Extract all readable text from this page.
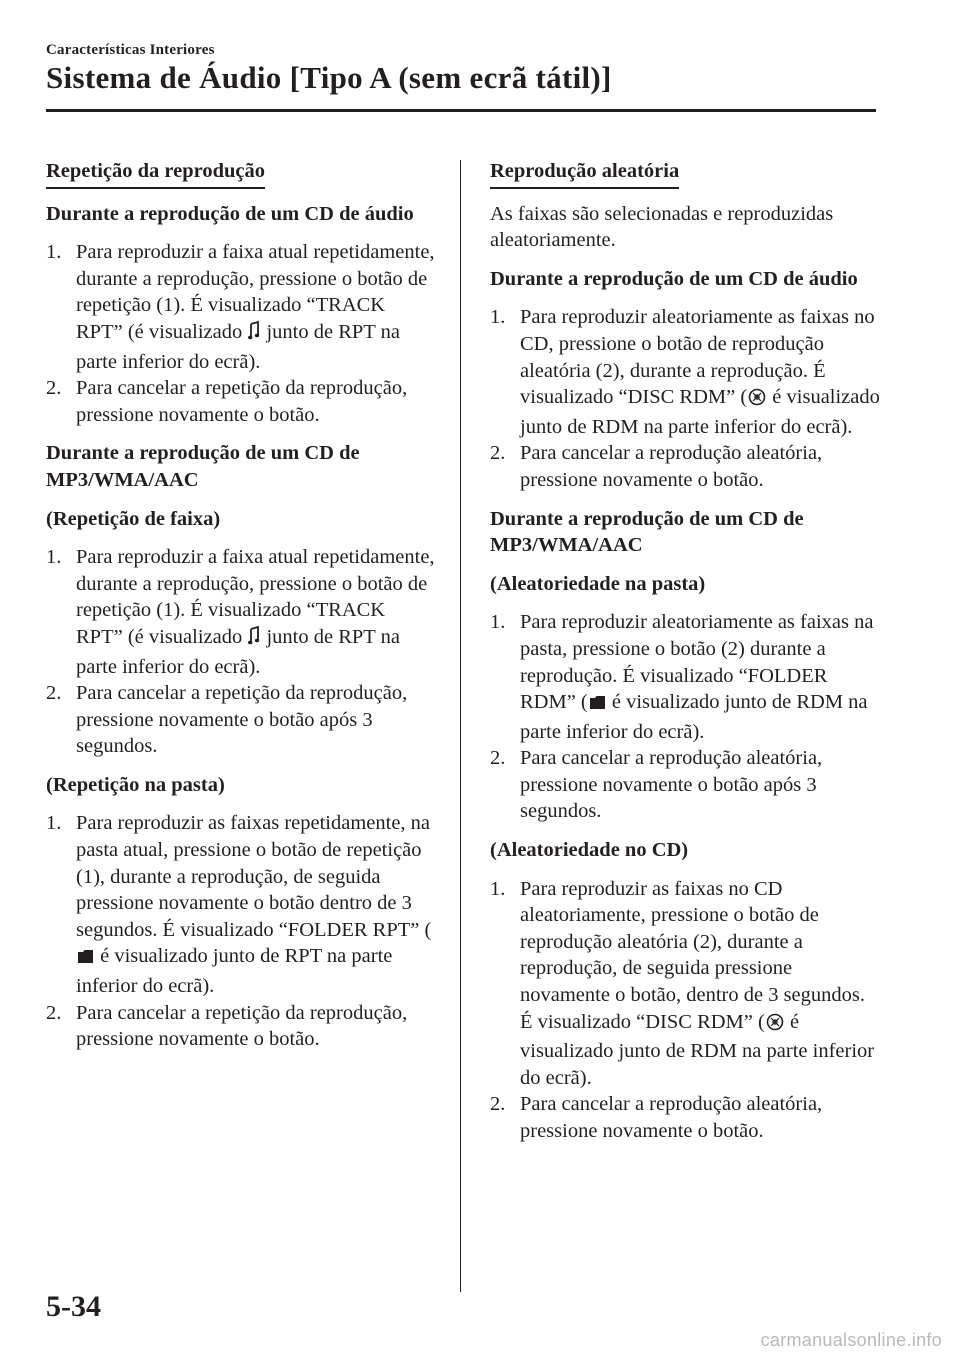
Características Interiores
Sistema de Áudio [Tipo A (sem ecrã tátil)]
Repetição da reprodução
Durante a reprodução de um CD de áudio
1. Para reproduzir a faixa atual repetidamente, durante a reprodução, pressione o botão de repetição (1). É visualizado “TRACK RPT” (é visualizado junto de RPT na parte inferior do ecrã).
2. Para cancelar a repetição da reprodução, pressione novamente o botão.
Durante a reprodução de um CD de MP3/WMA/AAC
(Repetição de faixa)
1. Para reproduzir a faixa atual repetidamente, durante a reprodução, pressione o botão de repetição (1). É visualizado “TRACK RPT” (é visualizado junto de RPT na parte inferior do ecrã).
2. Para cancelar a repetição da reprodução, pressione novamente o botão após 3 segundos.
(Repetição na pasta)
1. Para reproduzir as faixas repetidamente, na pasta atual, pressione o botão de repetição (1), durante a reprodução, de seguida pressione novamente o botão dentro de 3 segundos. É visualizado “FOLDER RPT” ( é visualizado junto de RPT na parte inferior do ecrã).
2. Para cancelar a repetição da reprodução, pressione novamente o botão.
Reprodução aleatória
As faixas são selecionadas e reproduzidas aleatoriamente.
Durante a reprodução de um CD de áudio
1. Para reproduzir aleatoriamente as faixas no CD, pressione o botão de reprodução aleatória (2), durante a reprodução. É visualizado “DISC RDM” ( é visualizado junto de RDM na parte inferior do ecrã).
2. Para cancelar a reprodução aleatória, pressione novamente o botão.
Durante a reprodução de um CD de MP3/WMA/AAC
(Aleatoriedade na pasta)
1. Para reproduzir aleatoriamente as faixas na pasta, pressione o botão (2) durante a reprodução. É visualizado “FOLDER RDM” ( é visualizado junto de RDM na parte inferior do ecrã).
2. Para cancelar a reprodução aleatória, pressione novamente o botão após 3 segundos.
(Aleatoriedade no CD)
1. Para reproduzir as faixas no CD aleatoriamente, pressione o botão de reprodução aleatória (2), durante a reprodução, de seguida pressione novamente o botão, dentro de 3 segundos. É visualizado “DISC RDM” ( é visualizado junto de RDM na parte inferior do ecrã).
2. Para cancelar a reprodução aleatória, pressione novamente o botão.
5-34
carmanualsonline.info
